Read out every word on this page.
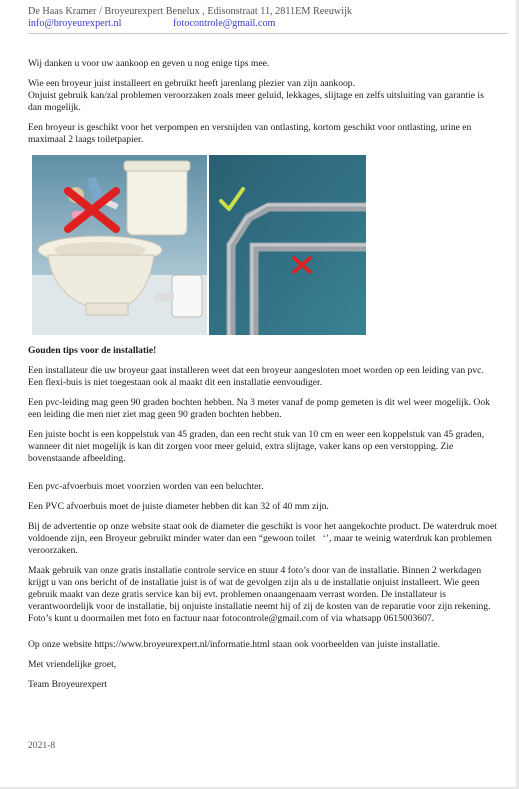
De Haas Kramer / Broyeurexpert Benelux , Edisonstraat 11, 2811EM Reeuwijk
info@broyeurexpert.nl	fotocontrole@gmail.com

Wij danken u voor uw aankoop en geven u nog enige tips mee.

Wie een broyeur juist installeert en gebruikt heeft jarenlang plezier van zijn aankoop.

Onjuist gebruik kan/zal problemen veroorzaken zoals meer geluid, lekkages, slijtage en zelfs uitsluiting van garantie is dan mogelijk.

Een broyeur is geschikt voor het verpompen en versnijden van ontlasting, kortom geschikt voor ontlasting, urine en maximaal 2 laags toiletpapier.

Gouden tips voor de installatie!

Een installateur die uw broyeur gaat installeren weet dat een broyeur aangesloten moet worden op een leiding van pvc. Een flexi-buis is niet toegestaan ook al maakt dit een installatie eenvoudiger.

Een pvc-leiding mag geen 90 graden bochten hebben. Na 3 meter vanaf de pomp gemeten is dit wel weer mogelijk. Ook een leiding die men niet ziet mag geen 90 graden bochten hebben.

Een juiste bocht is een koppelstuk van 45 graden, dan een recht stuk van 10 cm en weer een koppelstuk van 45 graden, wanneer dit niet mogelijk is kan dit zorgen voor meer geluid, extra slijtage, vaker kans op een verstopping. Zie bovenstaande afbeelding.

Een pvc-afvoerbuis moet voorzien worden van een beluchter.

Een PVC afvoerbuis moet de juiste diameter hebben dit kan 32 of 40 mm zijn.

Bij de advertentie op onze website staat ook de diameter die geschikt is voor het aangekochte product. De waterdruk moet voldoende zijn, een Broyeur gebruikt minder water dan een “gewoon toilet   ‘’, maar te weinig waterdruk kan problemen veroorzaken.

Maak gebruik van onze gratis installatie controle service en stuur 4 foto’s door van de installatie. Binnen 2 werkdagen krijgt u van ons bericht of de installatie juist is of wat de gevolgen zijn als u de installatie onjuist installeert. Wie geen gebruik maakt van deze gratis service kan bij evt. problemen onaangenaam verrast worden. De installateur is verantwoordelijk voor de installatie, bij onjuiste installatie neemt hij of zij de kosten van de reparatie voor zijn rekening. Foto’s kunt u doormailen met foto en factuur naar fotocontrole@gmail.com of via whatsapp 0615003607.

Op onze website https://www.broyeurexpert.nl/informatie.html staan ook voorbeelden van juiste installatie.

Met vriendelijke groet,

Team Broyeurexpert

2021-8
